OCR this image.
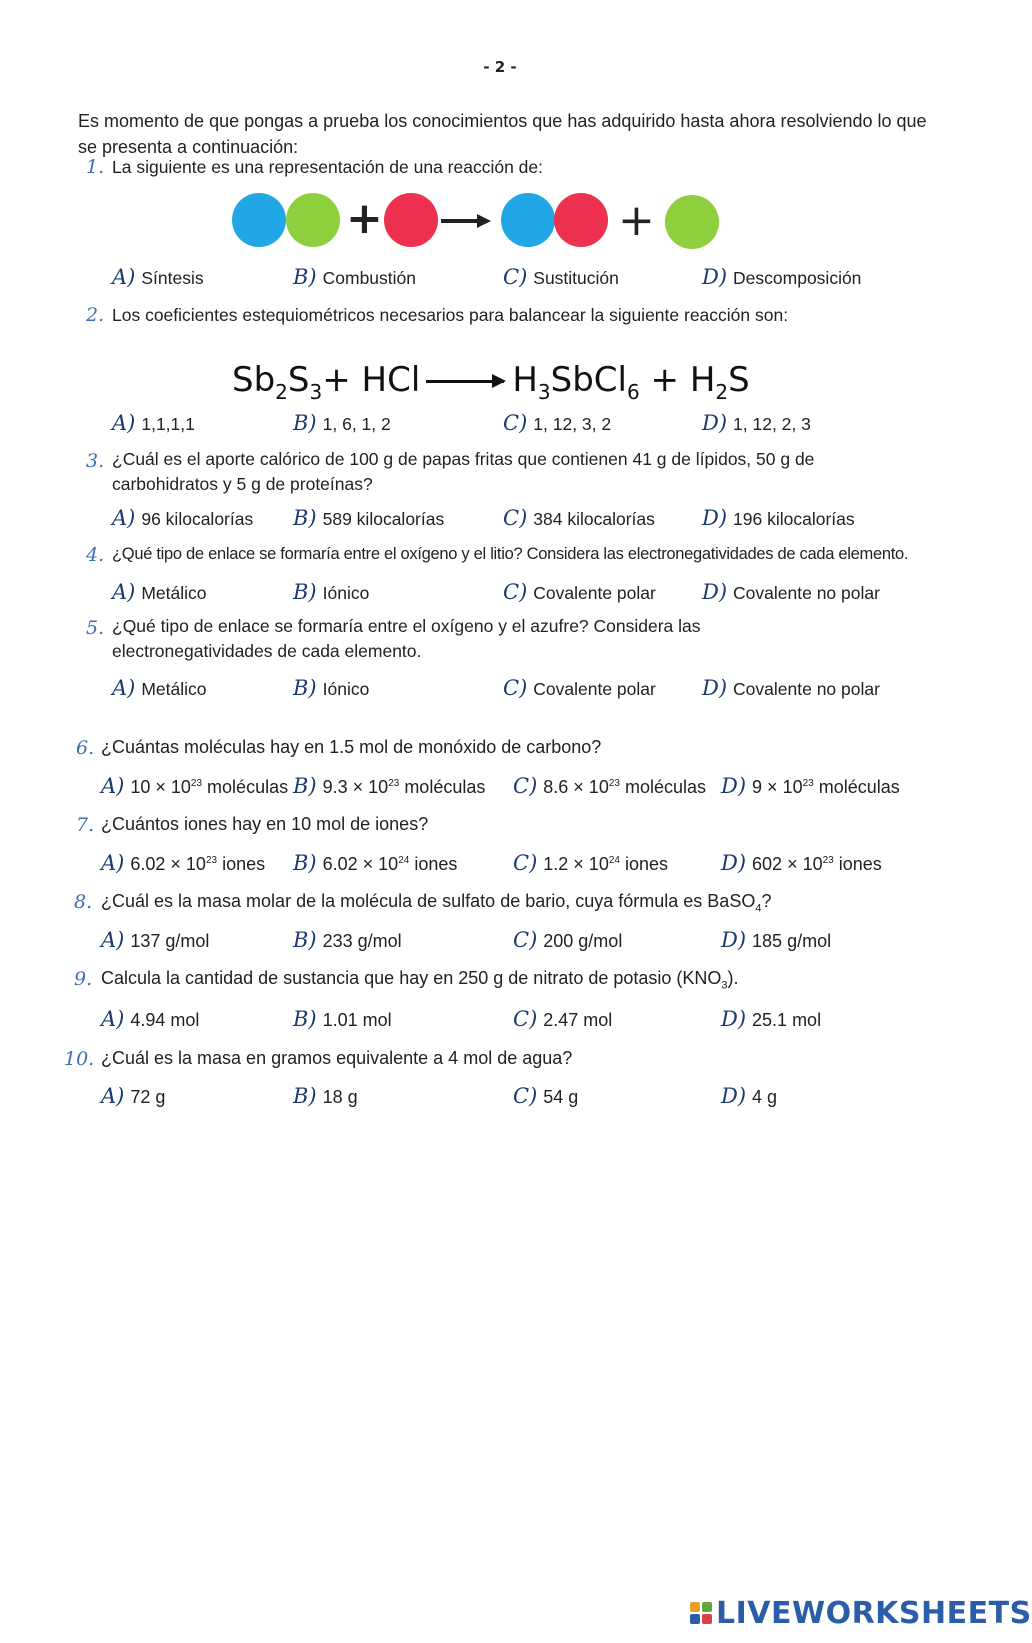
- 2 -
Es momento de que pongas a prueba los conocimientos que has adquirido hasta ahora resolviendo lo que se presenta a continuación:
1. La siguiente es una representación de una reacción de:
+	+
A) Síntesis	B) Combustión	C) Sustitución	D) Descomposición
2. Los coeficientes estequiométricos necesarios para balancear la siguiente reacción son:
$Sb_2S_3+$ HCl → $H_3SbCl_6 + H_2S$
A) 1,1,1,1	B) 1, 6, 1, 2	C) 1, 12, 3, 2	D) 1, 12, 2, 3
3. ¿Cuál es el aporte calórico de 100 g de papas fritas que contienen 41 g de lípidos, 50 g de carbohidratos y 5 g de proteínas?
A) 96 kilocalorías B) 589 kilocalorías	C) 384 kilocalorías D) 196 kilocalorías
4. ¿Qué tipo de enlace se formaría entre el oxígeno y el litio? Considera las electronegatividades de cada elemento.
A) Metálico	B) Iónico	C) Covalente polar D) Covalente no polar
5. ¿Qué tipo de enlace se formaría entre el oxígeno y el azufre? Considera las electronegatividades de cada elemento.
A) Metálico	B) Iónico	C) Covalente polar D) Covalente no polar
6. ¿Cuántas moléculas hay en 1.5 mol de monóxido de carbono?
A) $10 \times 10^{23}$ moléculas B) $9.3 \times 10^{23}$ moléculas C) $8.6 \times 10^{23}$ moléculas D) $9 \times 10^{23}$ moléculas
7. ¿Cuántos iones hay en 10 mol de iones?
A) $6.02 \times 10^{23}$ iones B) $6.02 \times 10^{24}$ iones	C) $1.2 \times 10^{24}$ iones	D) $602 \times 10^{23}$ iones
8. ¿Cuál es la masa molar de la molécula de sulfato de bario, cuya fórmula es BaSO$_4$?
A) 137 g/mol	B) 233 g/mol	C) 200 g/mol	D) 185 g/mol
9. Calcula la cantidad de sustancia que hay en 250 g de nitrato de potasio $(KNO_3)$.
A) 4.94 mol	B) 1.01 mol	C) 2.47 mol	D) 25.1 mol
10. ¿Cuál es la masa en gramos equivalente a 4 mol de agua?
A) 72 g	B) 18 g	C) 54 g	D) 4 g
LIVEWORKSHEETS
